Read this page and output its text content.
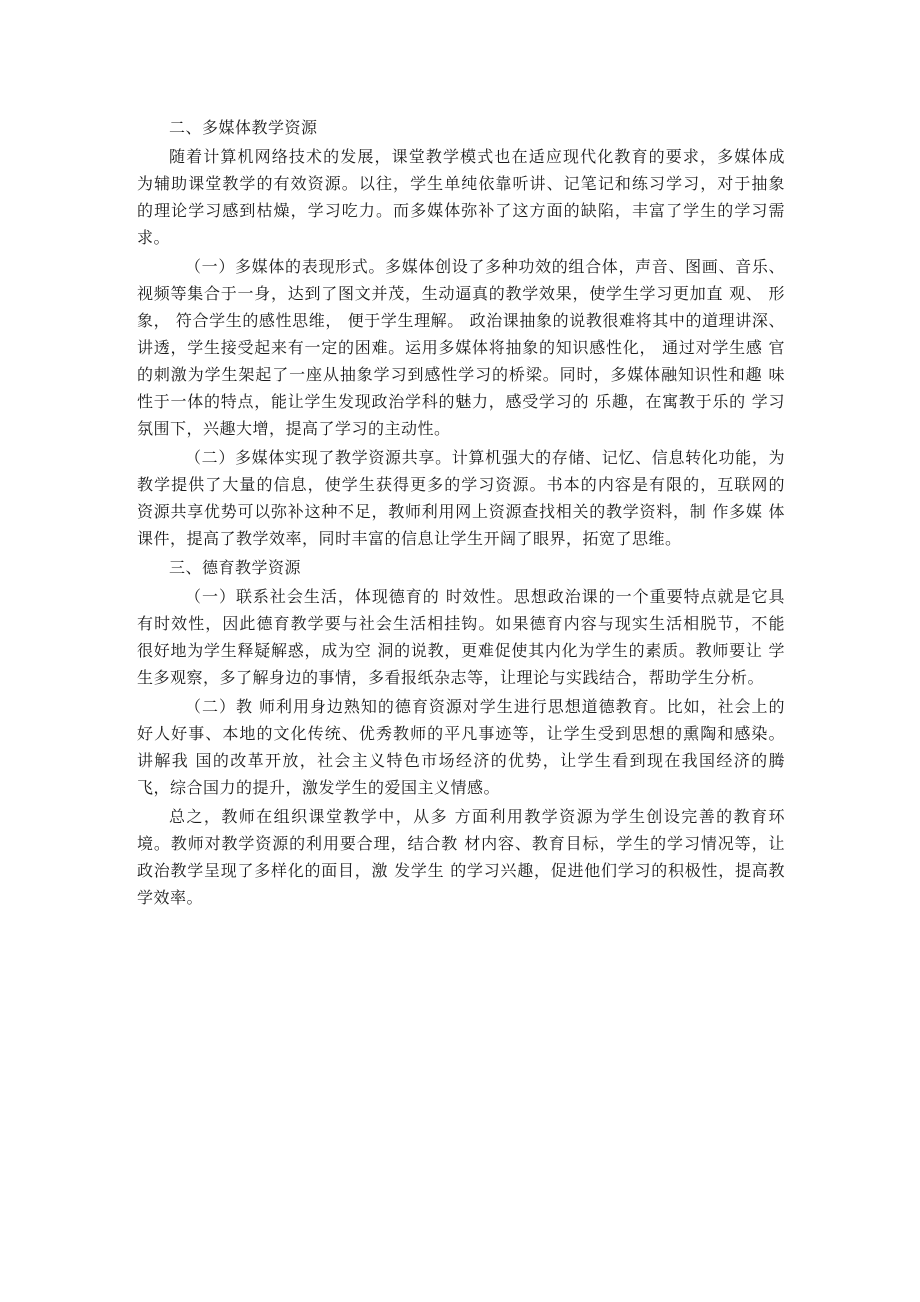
二、多媒体教学资源

随着计算机网络技术的发展，课堂教学模式也在适应现代化教育的要求，多媒体成 为辅助课堂教学的有效资源。以往，学生单纯依靠听讲、记笔记和练习学习，对于抽象 的理论学习感到枯燥，学习吃力。而多媒体弥补了这方面的缺陷，丰富了学生的学习需 求。

（一）多媒体的表现形式。多媒体创设了多种功效的组合体，声音、图画、音乐、 视频等集合于一身，达到了图文并茂，生动逼真的教学效果，使学生学习更加直 观、 形象， 符合学生的感性思维， 便于学生理解。 政治课抽象的说教很难将其中的道理讲深、 讲透，学生接受起来有一定的困难。运用多媒体将抽象的知识感性化， 通过对学生感 官的刺激为学生架起了一座从抽象学习到感性学习的桥梁。同时，多媒体融知识性和趣 味性于一体的特点，能让学生发现政治学科的魅力，感受学习的 乐趣，在寓教于乐的 学习氛围下，兴趣大增，提高了学习的主动性。

（二）多媒体实现了教学资源共享。计算机强大的存储、记忆、信息转化功能，为 教学提供了大量的信息，使学生获得更多的学习资源。书本的内容是有限的，互联网的 资源共享优势可以弥补这种不足，教师利用网上资源查找相关的教学资料，制 作多媒 体课件，提高了教学效率，同时丰富的信息让学生开阔了眼界，拓宽了思维。

三、德育教学资源

（一）联系社会生活，体现德育的 时效性。思想政治课的一个重要特点就是它具 有时效性，因此德育教学要与社会生活相挂钩。如果德育内容与现实生活相脱节，不能 很好地为学生释疑解惑，成为空 洞的说教，更难促使其内化为学生的素质。教师要让 学生多观察，多了解身边的事情，多看报纸杂志等，让理论与实践结合，帮助学生分析。

（二）教 师利用身边熟知的德育资源对学生进行思想道德教育。比如，社会上的 好人好事、本地的文化传统、优秀教师的平凡事迹等，让学生受到思想的熏陶和感染。 讲解我 国的改革开放，社会主义特色市场经济的优势，让学生看到现在我国经济的腾 飞，综合国力的提升，激发学生的爱国主义情感。

总之，教师在组织课堂教学中，从多 方面利用教学资源为学生创设完善的教育环境。教师对教学资源的利用要合理，结合教 材内容、教育目标，学生的学习情况等，让政治教学呈现了多样化的面目，激 发学生 的学习兴趣，促进他们学习的积极性，提高教学效率。
